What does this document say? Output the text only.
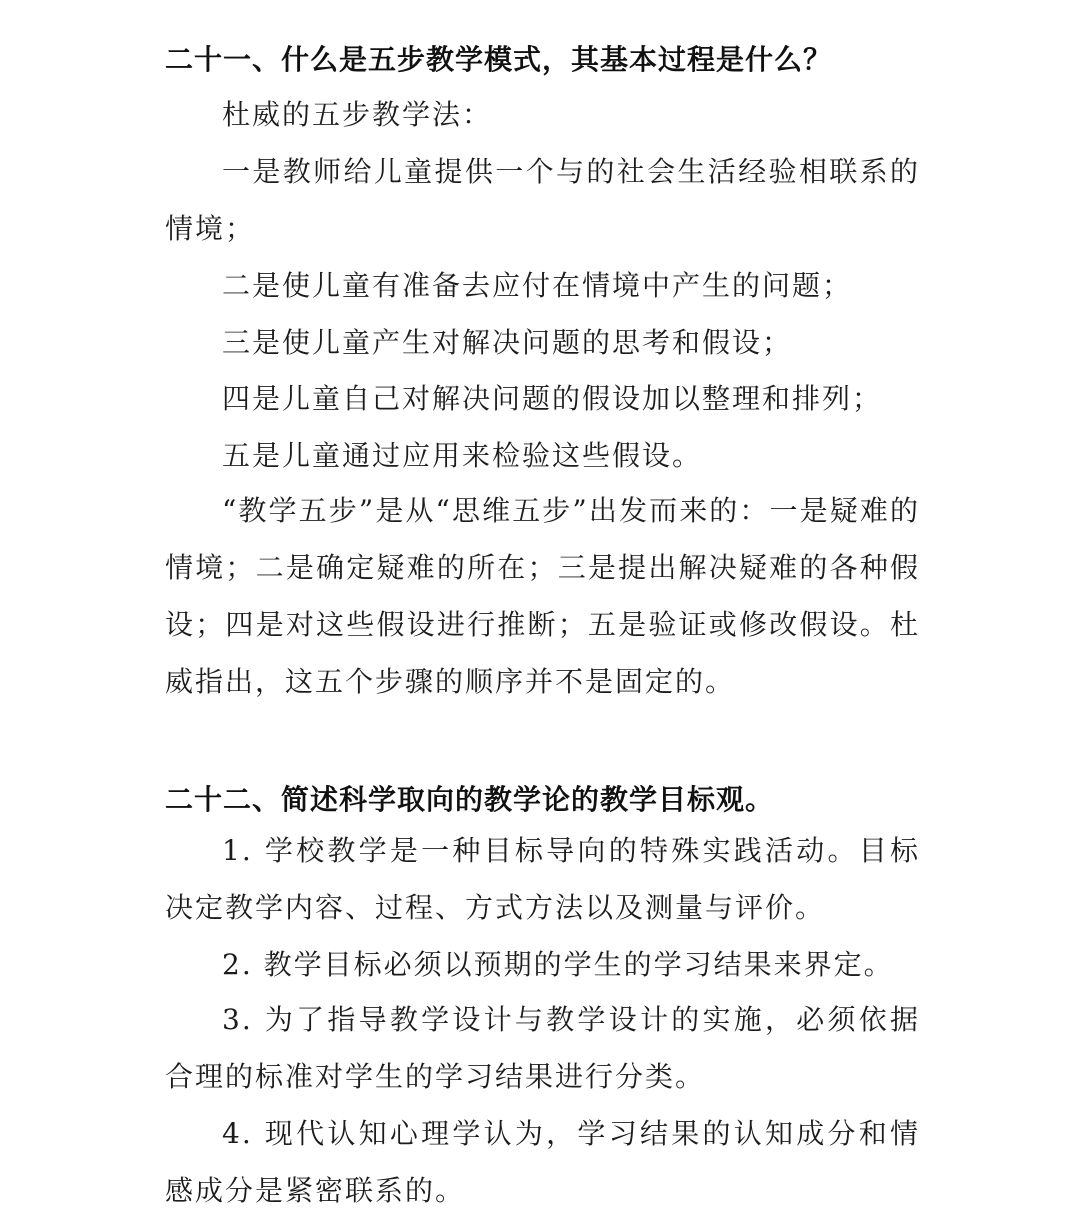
二十一、什么是五步教学模式，其基本过程是什么？
杜威的五步教学法：
一是教师给儿童提供一个与的社会生活经验相联系的情境；
二是使儿童有准备去应付在情境中产生的问题；
三是使儿童产生对解决问题的思考和假设；
四是儿童自己对解决问题的假设加以整理和排列；
五是儿童通过应用来检验这些假设。
“教学五步”是从“思维五步”出发而来的：一是疑难的情境；二是确定疑难的所在；三是提出解决疑难的各种假设；四是对这些假设进行推断；五是验证或修改假设。杜威指出，这五个步骤的顺序并不是固定的。
二十二、简述科学取向的教学论的教学目标观。
1. 学校教学是一种目标导向的特殊实践活动。目标决定教学内容、过程、方式方法以及测量与评价。
2. 教学目标必须以预期的学生的学习结果来界定。
3. 为了指导教学设计与教学设计的实施，必须依据合理的标准对学生的学习结果进行分类。
4. 现代认知心理学认为，学习结果的认知成分和情感成分是紧密联系的。
